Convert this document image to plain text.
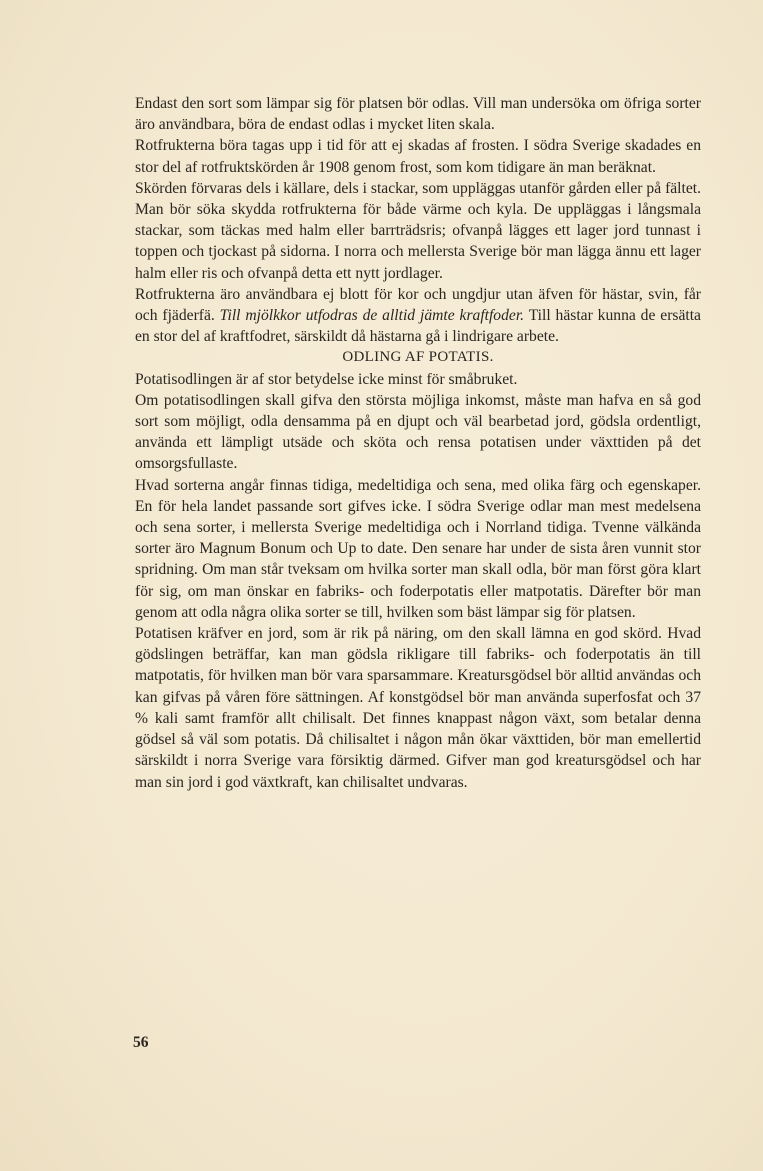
Endast den sort som lämpar sig för platsen bör odlas. Vill man undersöka om öfriga sorter äro användbara, böra de endast odlas i mycket liten skala.

Rotfrukterna böra tagas upp i tid för att ej skadas af frosten. I södra Sverige skadades en stor del af rotfruktskörden år 1908 genom frost, som kom tidigare än man beräknat.

Skörden förvaras dels i källare, dels i stackar, som uppläggas utanför gården eller på fältet. Man bör söka skydda rotfrukterna för både värme och kyla. De uppläggas i långsmala stackar, som täckas med halm eller barrträdsris; ofvanpå lägges ett lager jord tunnast i toppen och tjockast på sidorna. I norra och mellersta Sverige bör man lägga ännu ett lager halm eller ris och ofvanpå detta ett nytt jordlager.

Rotfrukterna äro användbara ej blott för kor och ungdjur utan äfven för hästar, svin, får och fjäderfä. Till mjölkkor utfodras de alltid jämte kraftfoder. Till hästar kunna de ersätta en stor del af kraftfodret, särskildt då hästarna gå i lindrigare arbete.

ODLING AF POTATIS.

Potatisodlingen är af stor betydelse icke minst för småbruket.

Om potatisodlingen skall gifva den största möjliga inkomst, måste man hafva en så god sort som möjligt, odla densamma på en djupt och väl bearbetad jord, gödsla ordentligt, använda ett lämpligt utsäde och sköta och rensa potatisen under växttiden på det omsorgsfullaste.

Hvad sorterna angår finnas tidiga, medeltidiga och sena, med olika färg och egenskaper. En för hela landet passande sort gifves icke. I södra Sverige odlar man mest medelsena och sena sorter, i mellersta Sverige medeltidiga och i Norrland tidiga. Tvenne välkända sorter äro Magnum Bonum och Up to date. Den senare har under de sista åren vunnit stor spridning. Om man står tveksam om hvilka sorter man skall odla, bör man först göra klart för sig, om man önskar en fabriks- och foderpotatis eller matpotatis. Därefter bör man genom att odla några olika sorter se till, hvilken som bäst lämpar sig för platsen.

Potatisen kräfver en jord, som är rik på näring, om den skall lämna en god skörd. Hvad gödslingen beträffar, kan man gödsla rikligare till fabriks- och foderpotatis än till matpotatis, för hvilken man bör vara sparsammare. Kreatursgödsel bör alltid användas och kan gifvas på våren före sättningen. Af konstgödsel bör man använda superfosfat och 37 % kali samt framför allt chilisalt. Det finnes knappast någon växt, som betalar denna gödsel så väl som potatis. Då chilisaltet i någon mån ökar växttiden, bör man emellertid särskildt i norra Sverige vara försiktig därmed. Gifver man god kreatursgödsel och har man sin jord i god växtkraft, kan chilisaltet undvaras.

56
